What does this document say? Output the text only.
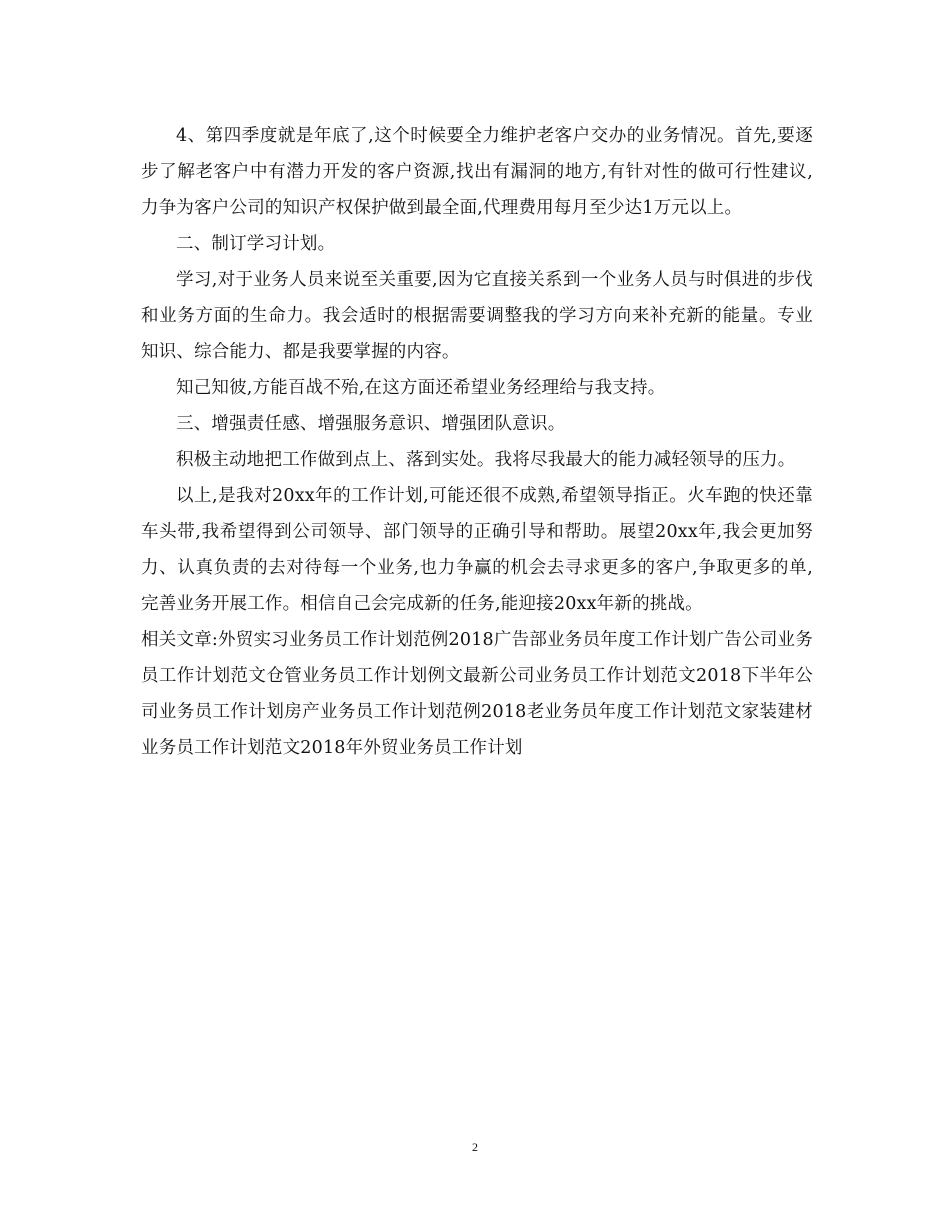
4、第四季度就是年底了,这个时候要全力维护老客户交办的业务情况。首先,要逐步了解老客户中有潜力开发的客户资源,找出有漏洞的地方,有针对性的做可行性建议,力争为客户公司的知识产权保护做到最全面,代理费用每月至少达1万元以上。

二、制订学习计划。

学习,对于业务人员来说至关重要,因为它直接关系到一个业务人员与时俱进的步伐和业务方面的生命力。我会适时的根据需要调整我的学习方向来补充新的能量。专业知识、综合能力、都是我要掌握的内容。

知己知彼,方能百战不殆,在这方面还希望业务经理给与我支持。

三、增强责任感、增强服务意识、增强团队意识。

积极主动地把工作做到点上、落到实处。我将尽我最大的能力减轻领导的压力。

以上,是我对20xx年的工作计划,可能还很不成熟,希望领导指正。火车跑的快还靠车头带,我希望得到公司领导、部门领导的正确引导和帮助。展望20xx年,我会更加努力、认真负责的去对待每一个业务,也力争赢的机会去寻求更多的客户,争取更多的单,完善业务开展工作。相信自己会完成新的任务,能迎接20xx年新的挑战。

相关文章:外贸实习业务员工作计划范例2018广告部业务员年度工作计划广告公司业务员工作计划范文仓管业务员工作计划例文最新公司业务员工作计划范文2018下半年公司业务员工作计划房产业务员工作计划范例2018老业务员年度工作计划范文家装建材业务员工作计划范文2018年外贸业务员工作计划

2
